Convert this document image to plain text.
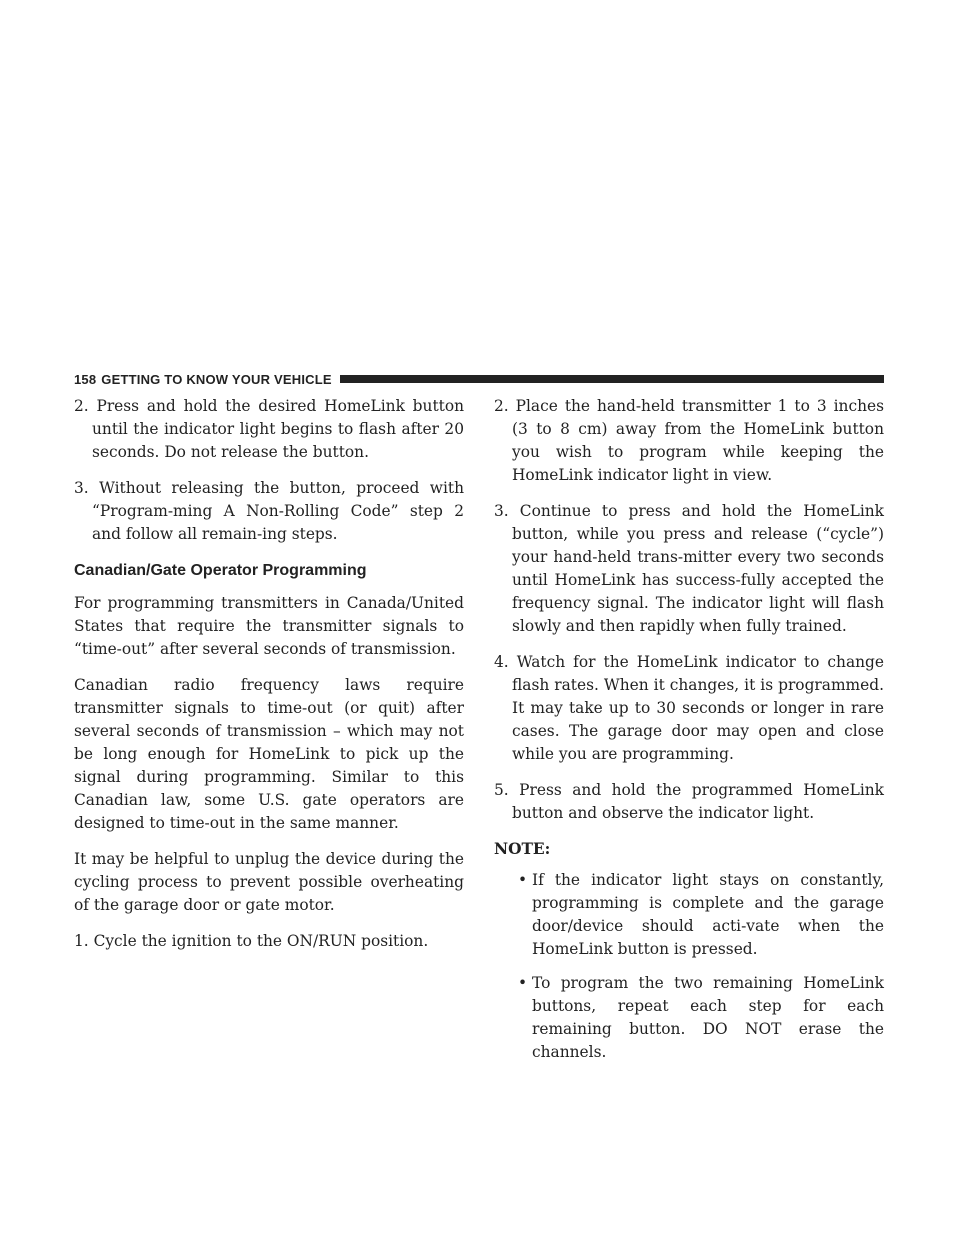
158 GETTING TO KNOW YOUR VEHICLE

2. Press and hold the desired HomeLink button until the indicator light begins to flash after 20 seconds. Do not release the button.

3. Without releasing the button, proceed with “Program-ming A Non-Rolling Code” step 2 and follow all remain-ing steps.

Canadian/Gate Operator Programming

For programming transmitters in Canada/United States that require the transmitter signals to “time-out” after several seconds of transmission.

Canadian radio frequency laws require transmitter signals to time-out (or quit) after several seconds of transmission – which may not be long enough for HomeLink to pick up the signal during programming. Similar to this Canadian law, some U.S. gate operators are designed to time-out in the same manner.

It may be helpful to unplug the device during the cycling process to prevent possible overheating of the garage door or gate motor.

1. Cycle the ignition to the ON/RUN position.

2. Place the hand-held transmitter 1 to 3 inches (3 to 8 cm) away from the HomeLink button you wish to program while keeping the HomeLink indicator light in view.

3. Continue to press and hold the HomeLink button, while you press and release (“cycle”) your hand-held trans-mitter every two seconds until HomeLink has success-fully accepted the frequency signal. The indicator light will flash slowly and then rapidly when fully trained.

4. Watch for the HomeLink indicator to change flash rates. When it changes, it is programmed. It may take up to 30 seconds or longer in rare cases. The garage door may open and close while you are programming.

5. Press and hold the programmed HomeLink button and observe the indicator light.

NOTE:
• If the indicator light stays on constantly, programming is complete and the garage door/device should acti-vate when the HomeLink button is pressed.
• To program the two remaining HomeLink buttons, repeat each step for each remaining button. DO NOT erase the channels.
